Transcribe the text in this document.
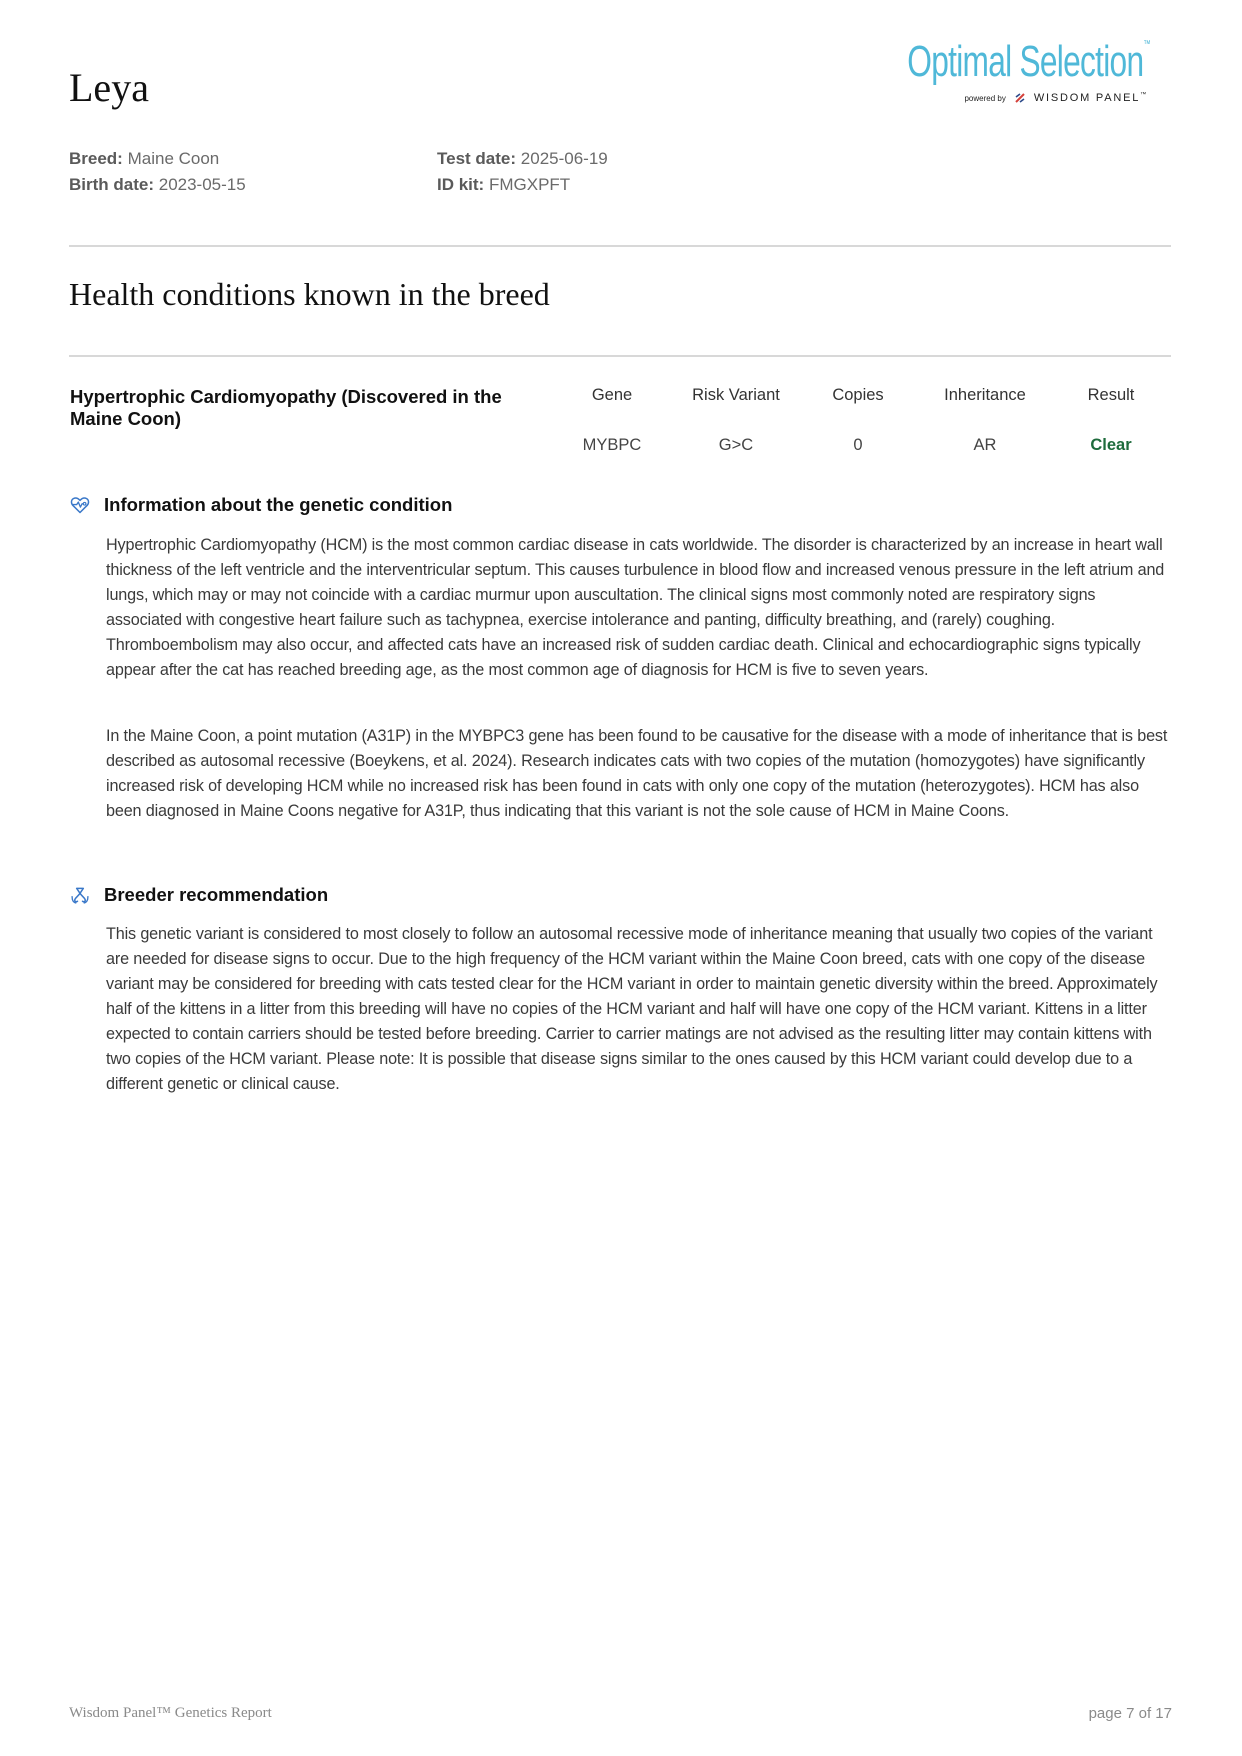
Leya
Optimal Selection™
powered by	WISDOM PANEL™
Breed: Maine Coon
Birth date: 2023-05-15
Test date: 2025-06-19
ID kit: FMGXPFT
Health conditions known in the breed
Hypertrophic Cardiomyopathy (Discovered in the Maine Coon)
Gene	Risk Variant	Copies	Inheritance	Result
MYBPC	G>C	0	AR	Clear
Information about the genetic condition

Hypertrophic Cardiomyopathy (HCM) is the most common cardiac disease in cats worldwide. The disorder is characterized by an increase in heart wall thickness of the left ventricle and the interventricular septum. This causes turbulence in blood flow and increased venous pressure in the left atrium and lungs, which may or may not coincide with a cardiac murmur upon auscultation. The clinical signs most commonly noted are respiratory signs associated with congestive heart failure such as tachypnea, exercise intolerance and panting, difficulty breathing, and (rarely) coughing. Thromboembolism may also occur, and affected cats have an increased risk of sudden cardiac death. Clinical and echocardiographic signs typically appear after the cat has reached breeding age, as the most common age of diagnosis for HCM is five to seven years.

In the Maine Coon, a point mutation (A31P) in the MYBPC3 gene has been found to be causative for the disease with a mode of inheritance that is best described as autosomal recessive (Boeykens, et al. 2024). Research indicates cats with two copies of the mutation (homozygotes) have significantly increased risk of developing HCM while no increased risk has been found in cats with only one copy of the mutation (heterozygotes). HCM has also been diagnosed in Maine Coons negative for A31P, thus indicating that this variant is not the sole cause of HCM in Maine Coons.

Breeder recommendation

This genetic variant is considered to most closely to follow an autosomal recessive mode of inheritance meaning that usually two copies of the variant are needed for disease signs to occur. Due to the high frequency of the HCM variant within the Maine Coon breed, cats with one copy of the disease variant may be considered for breeding with cats tested clear for the HCM variant in order to maintain genetic diversity within the breed. Approximately half of the kittens in a litter from this breeding will have no copies of the HCM variant and half will have one copy of the HCM variant. Kittens in a litter expected to contain carriers should be tested before breeding. Carrier to carrier matings are not advised as the resulting litter may contain kittens with two copies of the HCM variant. Please note: It is possible that disease signs similar to the ones caused by this HCM variant could develop due to a different genetic or clinical cause.

Wisdom Panel™ Genetics Report	page 7 of 17
